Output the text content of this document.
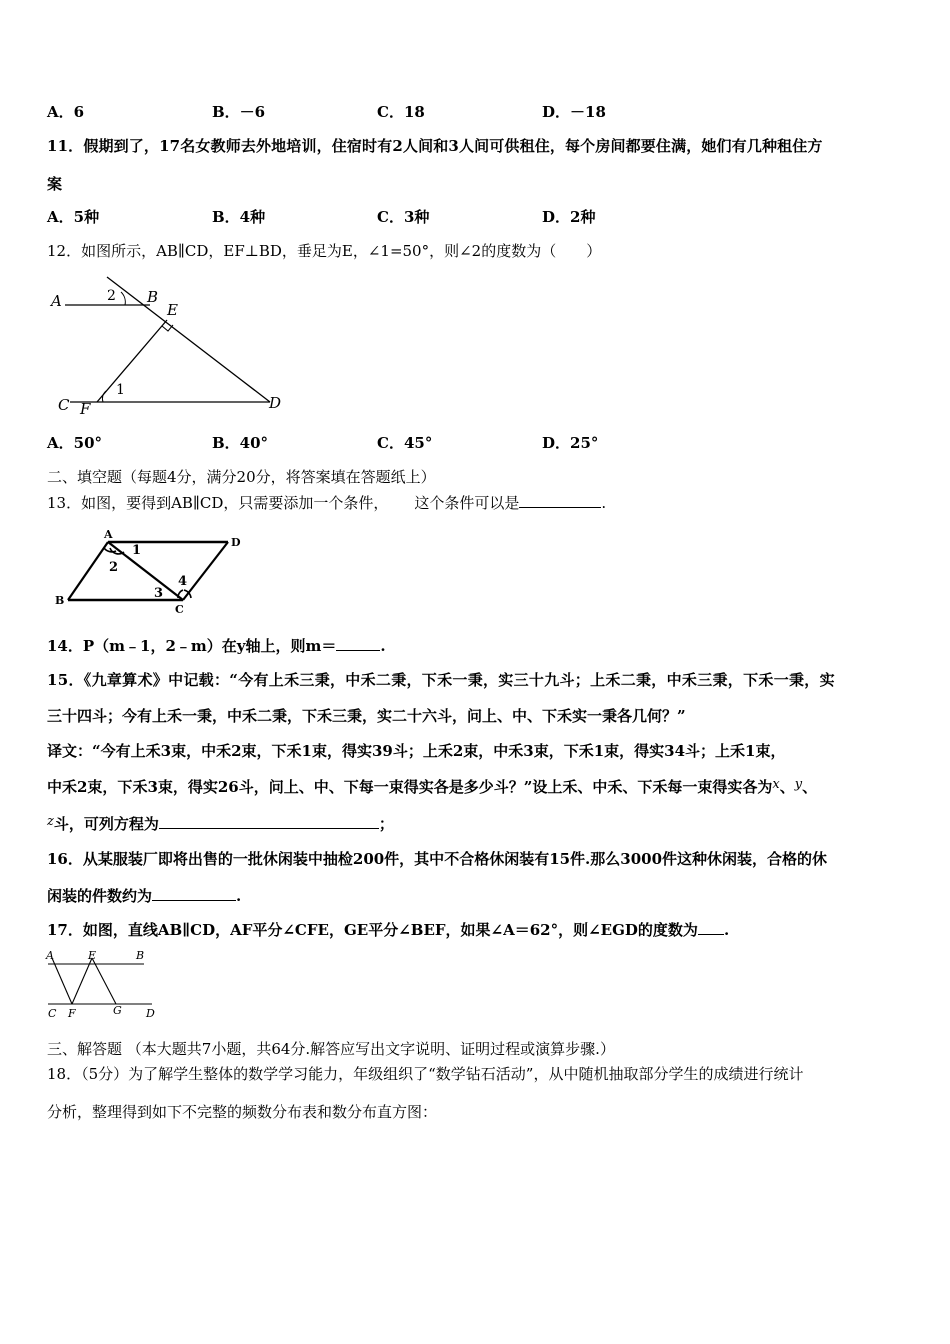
A．6	B．－6	C．18	D．－18
11．假期到了，17名女教师去外地培训，住宿时有2人间和3人间可供租住，每个房间都要住满，她们有几种租住方
案
A．5种	B．4种	C．3种	D．2种
12．如图所示，AB∥CD，EF⊥BD，垂足为E，∠1=50°，则∠2的度数为（　　）
A	2 B
E
1
C F	D
A．50°	B．40°	C．45°	D．25°
二、填空题（每题4分，满分20分，将答案填在答题纸上）
13．如图，要得到AB∥CD，只需要添加一个条件， 这个条件可以是	.
A
D
1
2
4
3
B
C
14．P（m﹣1，2﹣m）在y轴上，则m＝	.
15．《九章算术》中记载：“今有上禾三秉，中禾二秉，下禾一秉，实三十九斗；上禾二秉，中禾三秉，下禾一秉，实
三十四斗；今有上禾一秉，中禾二秉，下禾三秉，实二十六斗，问上、中、下禾实一秉各几何？”
译文：“今有上禾3束，中禾2束，下禾1束，得实39斗；上禾2束，中禾3束，下禾1束，得实34斗；上禾1束，
中禾2束，下禾3束，得实26斗，问上、中、下每一束得实各是多少斗？”设上禾、中禾、下禾每一束得实各为x、y、
z斗，可列方程为	；
16．从某服装厂即将出售的一批休闲装中抽检200件，其中不合格休闲装有15件.那么3000件这种休闲装，合格的休
闲装的件数约为	.
17．如图，直线AB∥CD，AF平分∠CFE，GE平分∠BEF，如果∠A＝62°，则∠EGD的度数为 .
A	E	B
C F	G D
三、解答题 （本大题共7小题，共64分.解答应写出文字说明、证明过程或演算步骤.）
18．（5分）为了解学生整体的数学学习能力，年级组织了“数学钻石活动”，从中随机抽取部分学生的成绩进行统计
分析，整理得到如下不完整的频数分布表和数分布直方图：
